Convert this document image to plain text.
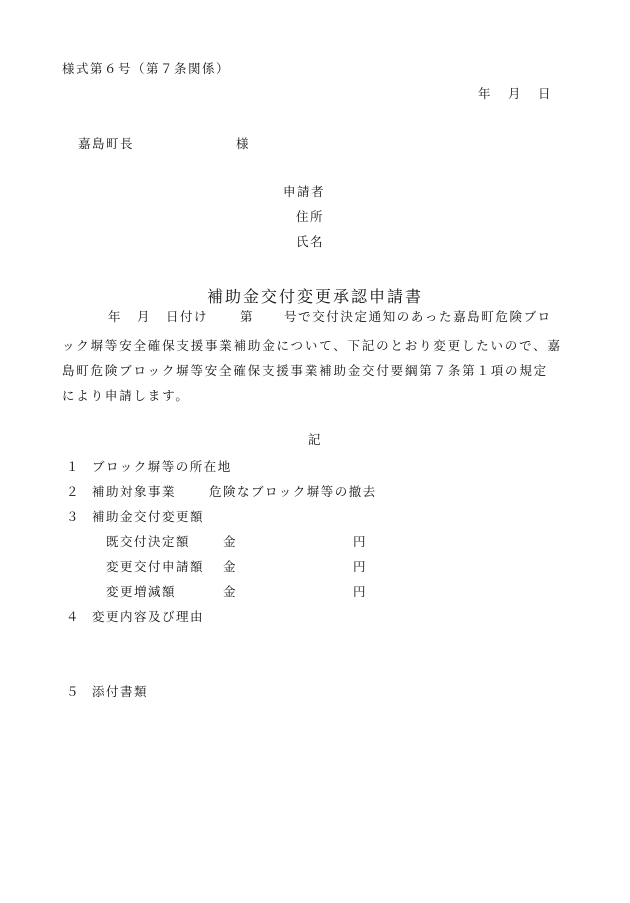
様式第６号（第７条関係）
年 月 日
嘉島町長	様
申請者
住所
氏名
補助金交付変更承認申請書
年 月 日付け	第 号で交付決定通知のあった嘉島町危険ブロ
ック塀等安全確保支援事業補助金について、下記のとおり変更したいので、嘉
島町危険ブロック塀等安全確保支援事業補助金交付要綱第７条第１項の規定
により申請します。
記
１ ブロック塀等の所在地
２ 補助対象事業	危険なブロック塀等の撤去
３ 補助金交付変更額
既交付決定額	金	円
変更交付申請額 金	円
変更増減額	金	円
４ 変更内容及び理由
５ 添付書類
